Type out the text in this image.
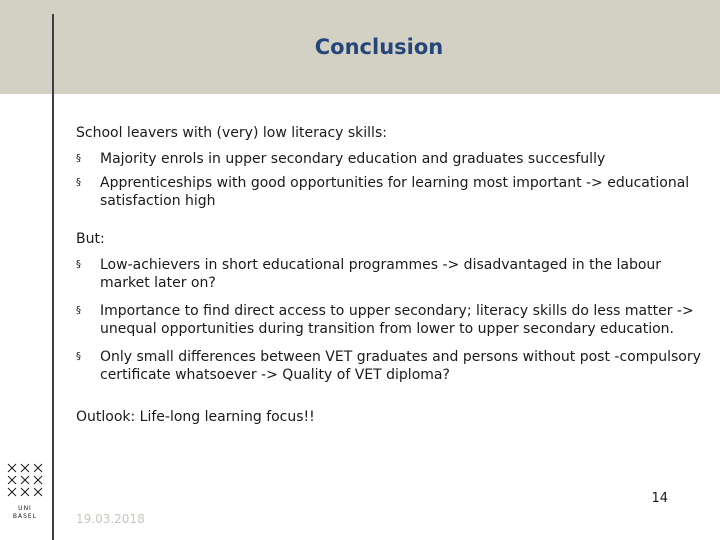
Conclusion

School leavers with (very) low literacy skills:

§ Majority enrols in upper secondary education and graduates succesfully
§ Apprenticeships with good opportunities for learning most important -> educational satisfaction high

But:

§ Low-achievers in short educational programmes -> disadvantaged in the labour market later on?
§ Importance to find direct access to upper secondary; literacy skills do less matter -> unequal opportunities during transition from lower to upper secondary education.
§ Only small differences between VET graduates and persons without post -compulsory certificate whatsoever -> Quality of VET diploma?

Outlook: Life-long learning focus!!

14
19.03.2018
UNI
BASEL
